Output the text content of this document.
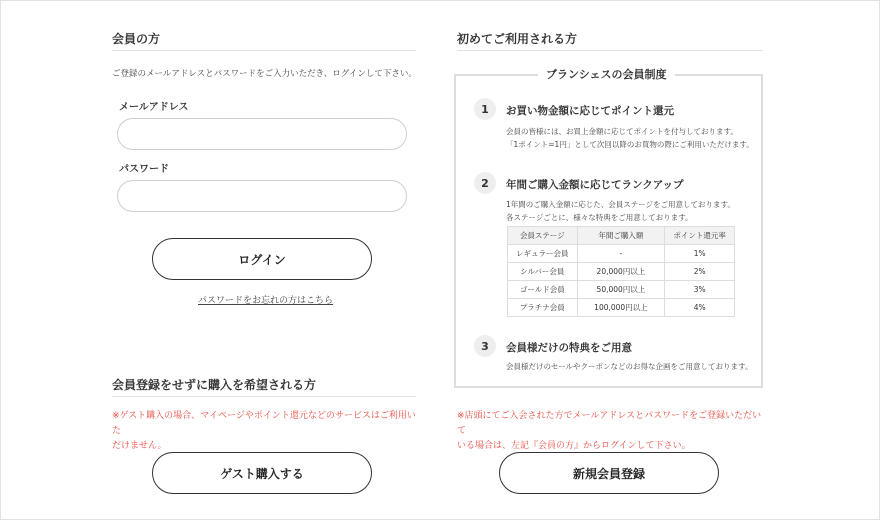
会員の方
ご登録のメールアドレスとパスワードをご入力いただき、ログインして下さい。
メールアドレス
パスワード
ログイン
パスワードをお忘れの方はこちら
会員登録をせずに購入を希望される方
※ゲスト購入の場合、マイページやポイント還元などのサービスはご利用いた
だけません。
ゲスト購入する
初めてご利用される方
ブランシェスの会員制度
1	お買い物金額に応じてポイント還元
会員の皆様には、お買上金額に応じてポイントを付与しております。
「1ポイント=1円」として次回以降のお買物の際にご利用いただけます。
2	年間ご購入金額に応じてランクアップ
1年間のご購入金額に応じた、会員ステージをご用意しております。
各ステージごとに、様々な特典をご用意しております。
会員ステージ	年間ご購入額	ポイント還元率
レギュラー会員	-	1%
シルバー会員	20,000円以上	2%
ゴールド会員	50,000円以上	3%
プラチナ会員	100,000円以上	4%
3	会員様だけの特典をご用意
会員様だけのセールやクーポンなどのお得な企画をご用意しております。
※店頭にてご入会された方でメールアドレスとパスワードをご登録いただいて
いる場合は、左記『会員の方』からログインして下さい。
新規会員登録
